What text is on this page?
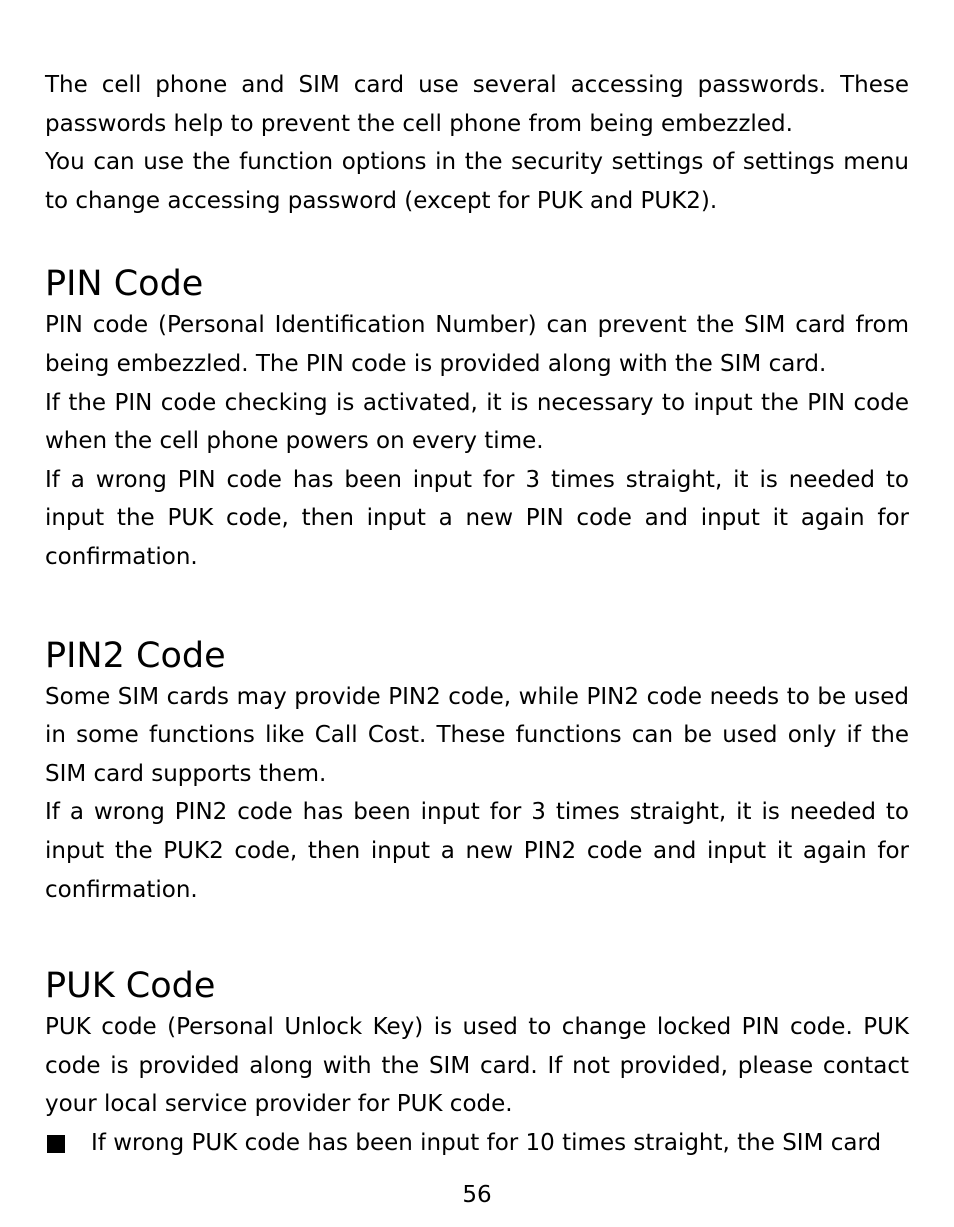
The cell phone and SIM card use several accessing passwords. These passwords help to prevent the cell phone from being embezzled.

You can use the function options in the security settings of settings menu to change accessing password (except for PUK and PUK2).

PIN Code

PIN code (Personal Identification Number) can prevent the SIM card from being embezzled. The PIN code is provided along with the SIM card.

If the PIN code checking is activated, it is necessary to input the PIN code when the cell phone powers on every time.

If a wrong PIN code has been input for 3 times straight, it is needed to input the PUK code, then input a new PIN code and input it again for confirmation.

PIN2 Code

Some SIM cards may provide PIN2 code, while PIN2 code needs to be used in some functions like Call Cost. These functions can be used only if the SIM card supports them.

If a wrong PIN2 code has been input for 3 times straight, it is needed to input the PUK2 code, then input a new PIN2 code and input it again for confirmation.

PUK Code

PUK code (Personal Unlock Key) is used to change locked PIN code. PUK code is provided along with the SIM card. If not provided, please contact your local service provider for PUK code.

If wrong PUK code has been input for 10 times straight, the SIM card

56
